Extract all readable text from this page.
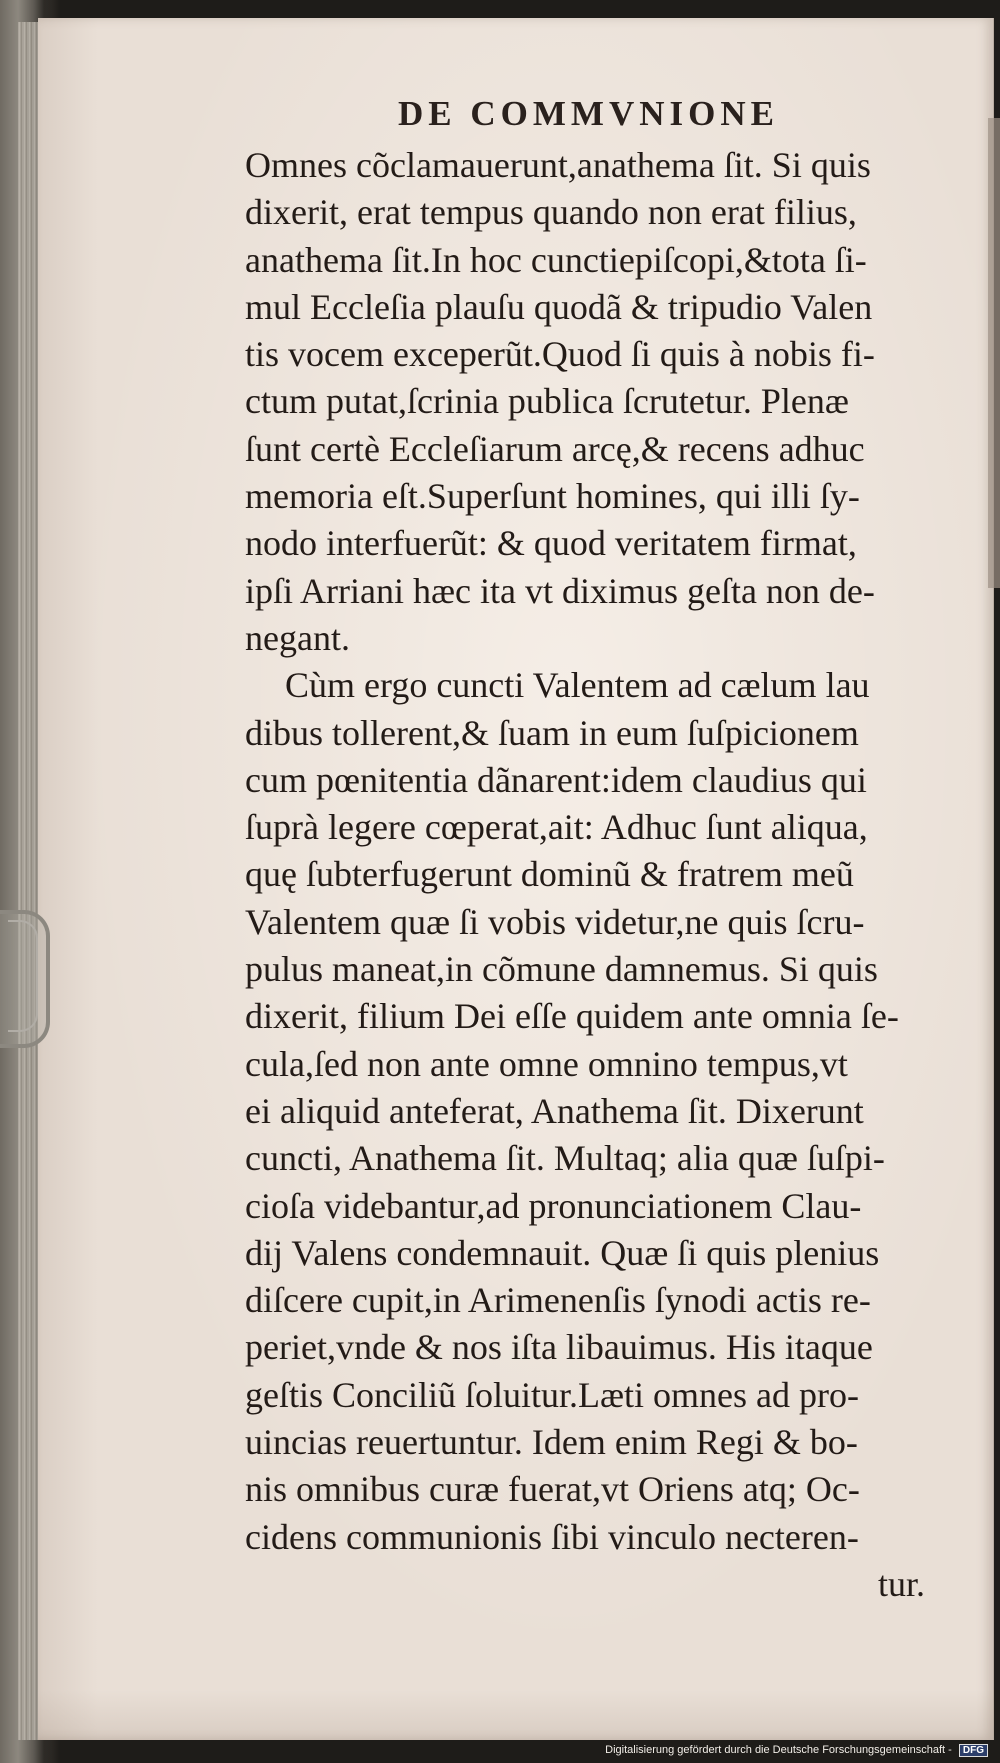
DE COMMVNIONE
Omnes cõclamauerunt,anathema ſit. Si quis
dixerit, erat tempus quando non erat filius,
anathema ſit.In hoc cunctiepiſcopi,&tota ſi-
mul Eccleſia plauſu quodã & tripudio Valen
tis vocem exceperũt.Quod ſi quis à nobis fi-
ctum putat,ſcrinia publica ſcrutetur. Plenæ
ſunt certè Eccleſiarum arcę,& recens adhuc
memoria eſt.Superſunt homines, qui illi ſy-
nodo interfuerũt: & quod veritatem firmat,
ipſi Arriani hæc ita vt diximus geſta non de-
negant.
Cùm ergo cuncti Valentem ad cælum lau
dibus tollerent,& ſuam in eum ſuſpicionem
cum pœnitentia dãnarent:idem claudius qui
ſuprà legere cœperat,ait: Adhuc ſunt aliqua,
quę ſubterfugerunt dominũ & fratrem meũ
Valentem quæ ſi vobis videtur,ne quis ſcru-
pulus maneat,in cõmune damnemus. Si quis
dixerit, filium Dei eſſe quidem ante omnia ſe-
cula,ſed non ante omne omnino tempus,vt
ei aliquid anteferat, Anathema ſit. Dixerunt
cuncti, Anathema ſit. Multaq; alia quæ ſuſpi-
cioſa videbantur,ad pronunciationem Clau-
dij Valens condemnauit. Quæ ſi quis plenius
diſcere cupit,in Arimenenſis ſynodi actis re-
periet,vnde & nos iſta libauimus. His itaque
geſtis Conciliũ ſoluitur.Læti omnes ad pro-
uincias reuertuntur. Idem enim Regi & bo-
nis omnibus curæ fuerat,vt Oriens atq; Oc-
cidens communionis ſibi vinculo necteren-
tur.
Digitalisierung gefördert durch die Deutsche Forschungsgemeinschaft - DFG
